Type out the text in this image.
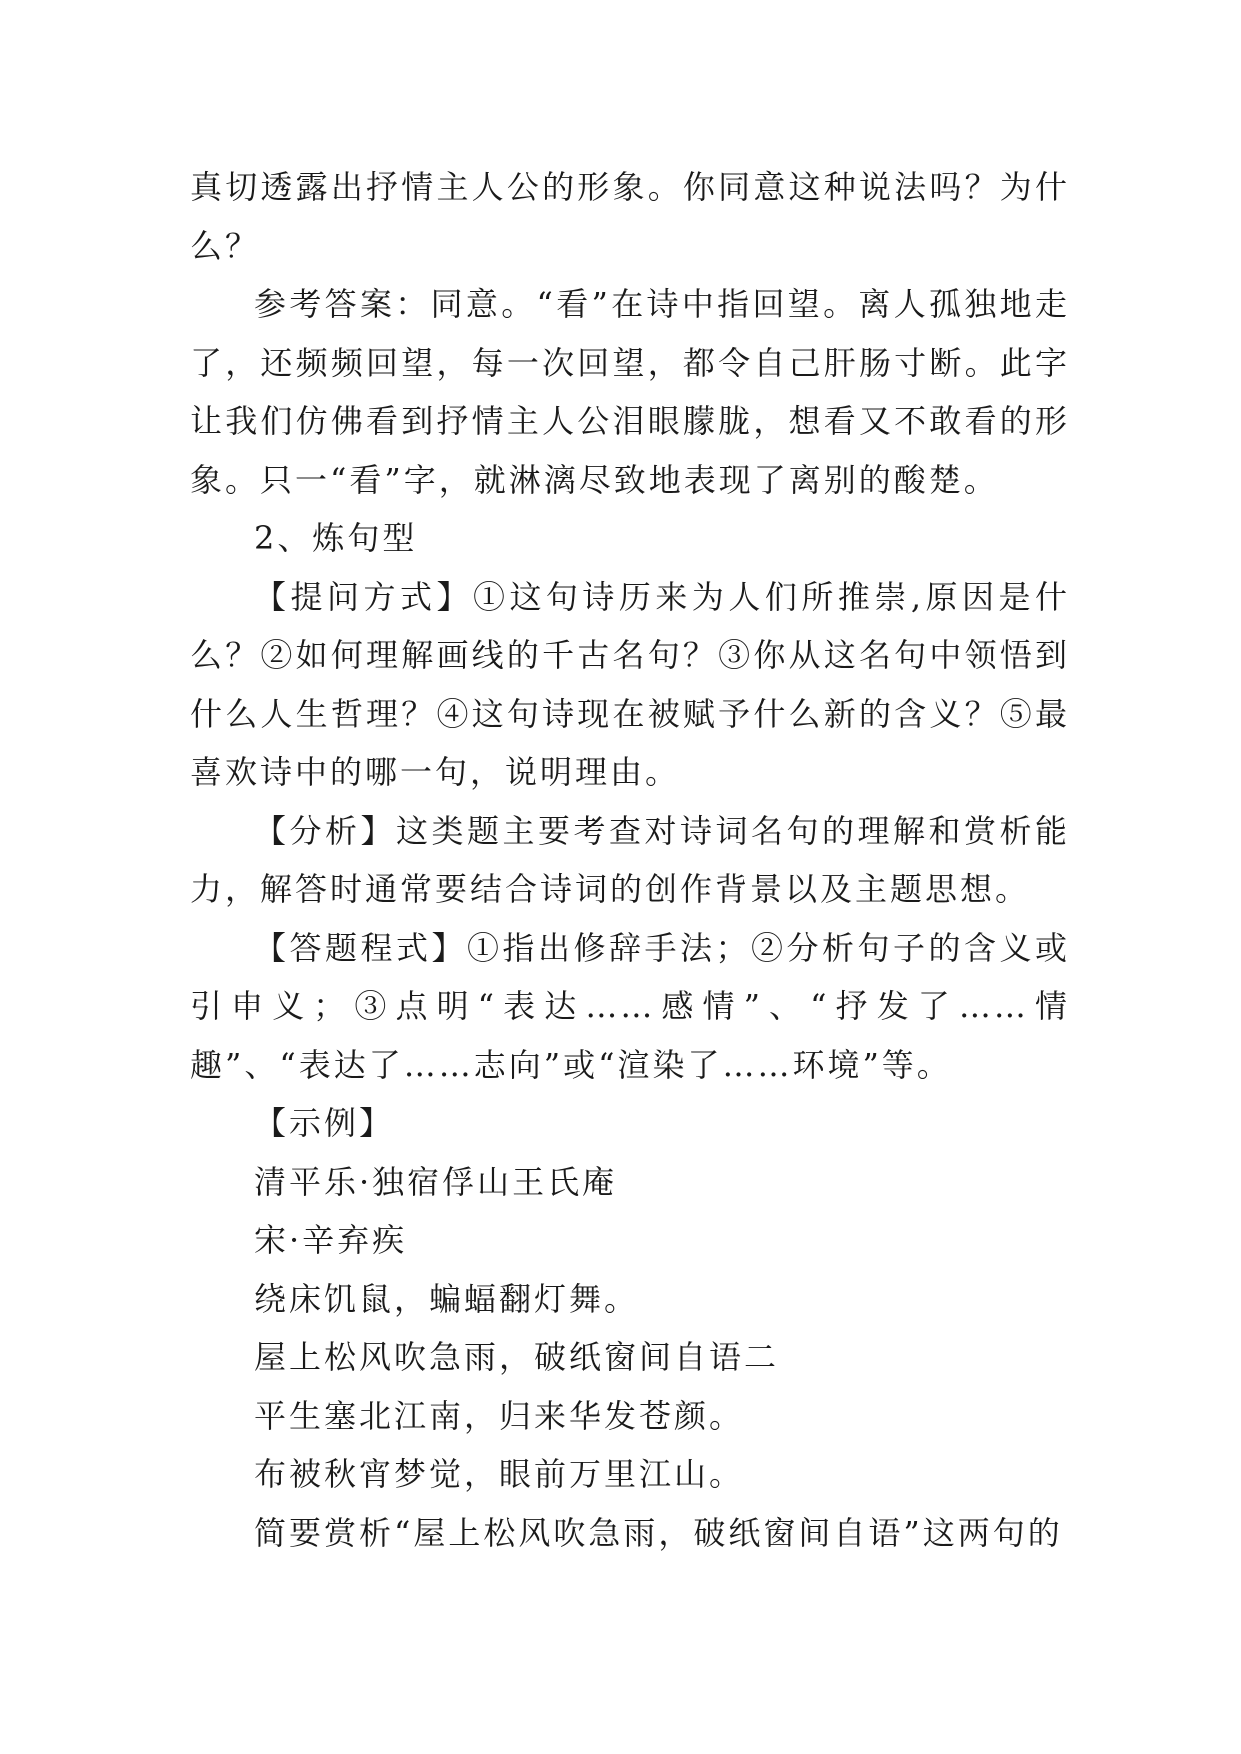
真切透露出抒情主人公的形象。你同意这种说法吗？为什么？

参考答案：同意。“看”在诗中指回望。离人孤独地走了，还频频回望，每一次回望，都令自己肝肠寸断。此字让我们仿佛看到抒情主人公泪眼朦胧，想看又不敢看的形象。只一“看”字，就淋漓尽致地表现了离别的酸楚。

2、炼句型

【提问方式】①这句诗历来为人们所推崇,原因是什么？②如何理解画线的千古名句？③你从这名句中领悟到什么人生哲理？④这句诗现在被赋予什么新的含义？⑤最喜欢诗中的哪一句，说明理由。

【分析】这类题主要考查对诗词名句的理解和赏析能力，解答时通常要结合诗词的创作背景以及主题思想。

【答题程式】①指出修辞手法；②分析句子的含义或引申义；③点明“表达……感情”、“抒发了……情趣”、“表达了……志向”或“渲染了……环境”等。

【示例】

清平乐·独宿俘山王氏庵

宋·辛弃疾

绕床饥鼠，蝙蝠翻灯舞。

屋上松风吹急雨，破纸窗间自语二

平生塞北江南，归来华发苍颜。

布被秋宵梦觉，眼前万里江山。

简要赏析“屋上松风吹急雨，破纸窗间自语”这两句的
